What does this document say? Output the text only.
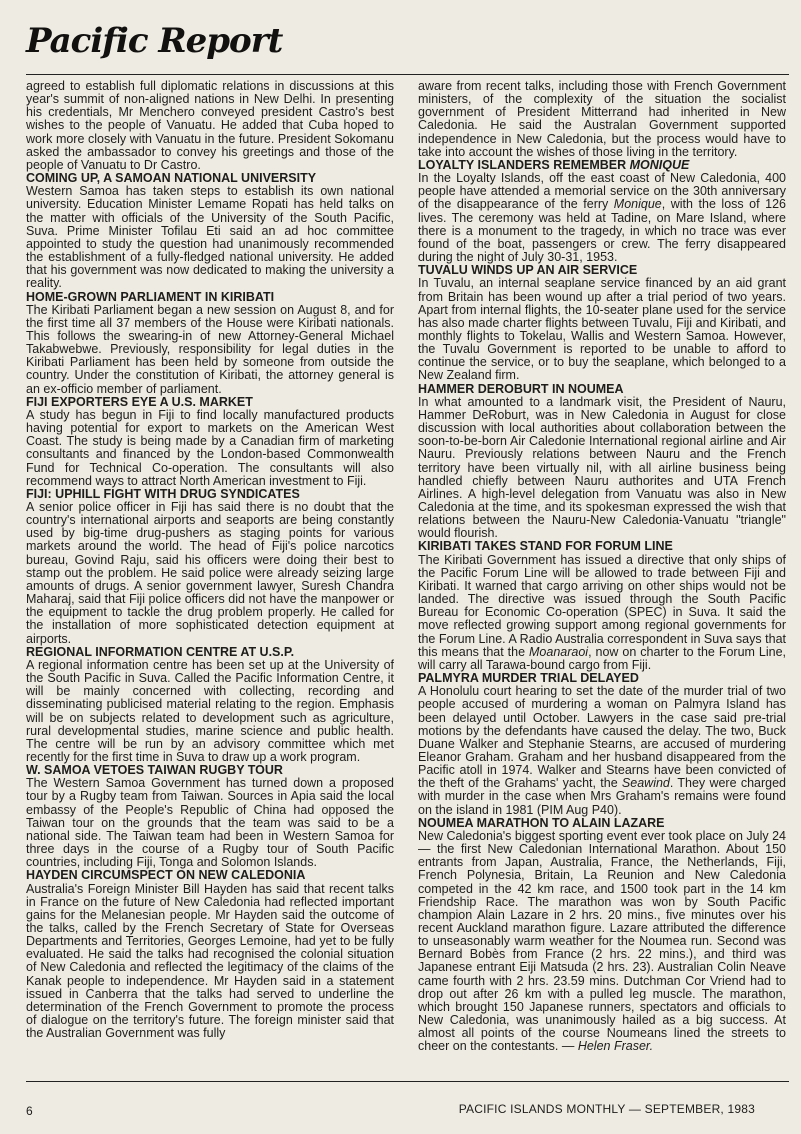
Pacific Report

agreed to establish full diplomatic relations in discussions at this year's summit of non-aligned nations in New Delhi. In presenting his credentials, Mr Menchero conveyed president Castro's best wishes to the people of Vanuatu. He added that Cuba hoped to work more closely with Vanuatu in the future. President Sokomanu asked the ambassador to convey his greetings and those of the people of Vanuatu to Dr Castro.

COMING UP, A SAMOAN NATIONAL UNIVERSITY

Western Samoa has taken steps to establish its own national university. Education Minister Lemame Ropati has held talks on the matter with officials of the University of the South Pacific, Suva. Prime Minister Tofilau Eti said an ad hoc committee appointed to study the question had unanimously recommended the establishment of a fully-fledged national university. He added that his government was now dedicated to making the university a reality.

HOME-GROWN PARLIAMENT IN KIRIBATI

The Kiribati Parliament began a new session on August 8, and for the first time all 37 members of the House were Kiribati nationals. This follows the swearing-in of new Attorney-General Michael Takabwebwe. Previously, responsibility for legal duties in the Kiribati Parliament has been held by someone from outside the country. Under the constitution of Kiribati, the attorney general is an ex-officio member of parliament.

FIJI EXPORTERS EYE A U.S. MARKET

A study has begun in Fiji to find locally manufactured products having potential for export to markets on the American West Coast. The study is being made by a Canadian firm of marketing consultants and financed by the London-based Commonwealth Fund for Technical Co-operation. The consultants will also recommend ways to attract North American investment to Fiji.

FIJI: UPHILL FIGHT WITH DRUG SYNDICATES

A senior police officer in Fiji has said there is no doubt that the country's international airports and seaports are being constantly used by big-time drug-pushers as staging points for various markets around the world. The head of Fiji's police narcotics bureau, Govind Raju, said his officers were doing their best to stamp out the problem. He said police were already seizing large amounts of drugs. A senior government lawyer, Suresh Chandra Maharaj, said that Fiji police officers did not have the manpower or the equipment to tackle the drug problem properly. He called for the installation of more sophisticated detection equipment at airports.

REGIONAL INFORMATION CENTRE AT U.S.P.

A regional information centre has been set up at the University of the South Pacific in Suva. Called the Pacific Information Centre, it will be mainly concerned with collecting, recording and disseminating publicised material relating to the region. Emphasis will be on subjects related to development such as agriculture, rural developmental studies, marine science and public health. The centre will be run by an advisory committee which met recently for the first time in Suva to draw up a work program.

W. SAMOA VETOES TAIWAN RUGBY TOUR

The Western Samoa Government has turned down a proposed tour by a Rugby team from Taiwan. Sources in Apia said the local embassy of the People's Republic of China had opposed the Taiwan tour on the grounds that the team was said to be a national side. The Taiwan team had been in Western Samoa for three days in the course of a Rugby tour of South Pacific countries, including Fiji, Tonga and Solomon Islands.

HAYDEN CIRCUMSPECT ON NEW CALEDONIA

Australia's Foreign Minister Bill Hayden has said that recent talks in France on the future of New Caledonia had reflected important gains for the Melanesian people. Mr Hayden said the outcome of the talks, called by the French Secretary of State for Overseas Departments and Territories, Georges Lemoine, had yet to be fully evaluated. He said the talks had recognised the colonial situation of New Caledonia and reflected the legitimacy of the claims of the Kanak people to independence. Mr Hayden said in a statement issued in Canberra that the talks had served to underline the determination of the French Government to promote the process of dialogue on the territory's future. The foreign minister said that the Australian Government was fully

aware from recent talks, including those with French Government ministers, of the complexity of the situation the socialist government of President Mitterrand had inherited in New Caledonia. He said the Australan Government supported independence in New Caledonia, but the process would have to take into account the wishes of those living in the territory.

LOYALTY ISLANDERS REMEMBER MONIQUE

In the Loyalty Islands, off the east coast of New Caledonia, 400 people have attended a memorial service on the 30th anniversary of the disappearance of the ferry Monique, with the loss of 126 lives. The ceremony was held at Tadine, on Mare Island, where there is a monument to the tragedy, in which no trace was ever found of the boat, passengers or crew. The ferry disappeared during the night of July 30-31, 1953.

TUVALU WINDS UP AN AIR SERVICE

In Tuvalu, an internal seaplane service financed by an aid grant from Britain has been wound up after a trial period of two years. Apart from internal flights, the 10-seater plane used for the service has also made charter flights between Tuvalu, Fiji and Kiribati, and monthly flights to Tokelau, Wallis and Western Samoa. However, the Tuvalu Government is reported to be unable to afford to continue the service, or to buy the seaplane, which belonged to a New Zealand firm.

HAMMER DEROBURT IN NOUMEA

In what amounted to a landmark visit, the President of Nauru, Hammer DeRoburt, was in New Caledonia in August for close discussion with local authorities about collaboration between the soon-to-be-born Air Caledonie International regional airline and Air Nauru. Previously relations between Nauru and the French territory have been virtually nil, with all airline business being handled chiefly between Nauru authorites and UTA French Airlines. A high-level delegation from Vanuatu was also in New Caledonia at the time, and its spokesman expressed the wish that relations between the Nauru-New Caledonia-Vanuatu "triangle" would flourish.

KIRIBATI TAKES STAND FOR FORUM LINE

The Kiribati Government has issued a directive that only ships of the Pacific Forum Line will be allowed to trade between Fiji and Kiribati. It warned that cargo arriving on other ships would not be landed. The directive was issued through the South Pacific Bureau for Economic Co-operation (SPEC) in Suva. It said the move reflected growing support among regional governments for the Forum Line. A Radio Australia correspondent in Suva says that this means that the Moanaraoi, now on charter to the Forum Line, will carry all Tarawa-bound cargo from Fiji.

PALMYRA MURDER TRIAL DELAYED

A Honolulu court hearing to set the date of the murder trial of two people accused of murdering a woman on Palmyra Island has been delayed until October. Lawyers in the case said pre-trial motions by the defendants have caused the delay. The two, Buck Duane Walker and Stephanie Stearns, are accused of murdering Eleanor Graham. Graham and her husband disappeared from the Pacific atoll in 1974. Walker and Stearns have been convicted of the theft of the Grahams' yacht, the Seawind. They were charged with murder in the case when Mrs Graham's remains were found on the island in 1981 (PIM Aug P40).

NOUMEA MARATHON TO ALAIN LAZARE

New Caledonia's biggest sporting event ever took place on July 24 — the first New Caledonian International Marathon. About 150 entrants from Japan, Australia, France, the Netherlands, Fiji, French Polynesia, Britain, La Reunion and New Caledonia competed in the 42 km race, and 1500 took part in the 14 km Friendship Race. The marathon was won by South Pacific champion Alain Lazare in 2 hrs. 20 mins., five minutes over his recent Auckland marathon figure. Lazare attributed the difference to unseasonably warm weather for the Noumea run. Second was Bernard Bobès from France (2 hrs. 22 mins.), and third was Japanese entrant Eiji Matsuda (2 hrs. 23). Australian Colin Neave came fourth with 2 hrs. 23.59 mins. Dutchman Cor Vriend had to drop out after 26 km with a pulled leg muscle. The marathon, which brought 150 Japanese runners, spectators and officials to New Caledonia, was unanimously hailed as a big success. At almost all points of the course Noumeans lined the streets to cheer on the contestants. — Helen Fraser.

6	PACIFIC ISLANDS MONTHLY — SEPTEMBER, 1983
